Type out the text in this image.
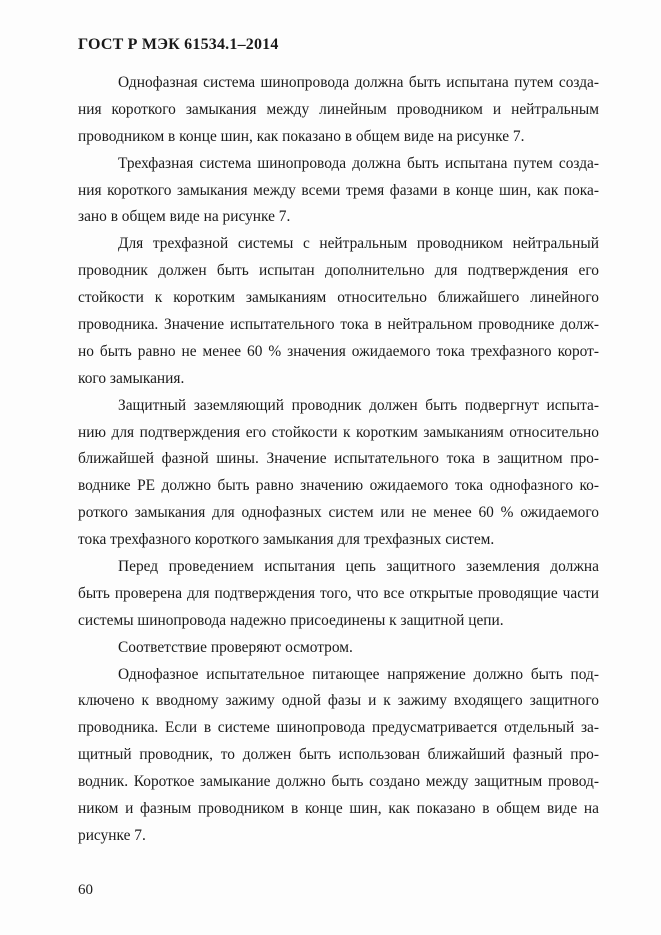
ГОСТ Р МЭК 61534.1–2014

Однофазная система шинопровода должна быть испытана путем созда-
ния короткого замыкания между линейным проводником и нейтральным
проводником в конце шин, как показано в общем виде на рисунке 7.

Трехфазная система шинопровода должна быть испытана путем созда-
ния короткого замыкания между всеми тремя фазами в конце шин, как пока-
зано в общем виде на рисунке 7.

Для трехфазной системы с нейтральным проводником нейтральный
проводник должен быть испытан дополнительно для подтверждения его
стойкости к коротким замыканиям относительно ближайшего линейного
проводника. Значение испытательного тока в нейтральном проводнике долж-
но быть равно не менее 60 % значения ожидаемого тока трехфазного корот-
кого замыкания.

Защитный заземляющий проводник должен быть подвергнут испыта-
нию для подтверждения его стойкости к коротким замыканиям относительно
ближайшей фазной шины. Значение испытательного тока в защитном про-
воднике PE должно быть равно значению ожидаемого тока однофазного ко-
роткого замыкания для однофазных систем или не менее 60 % ожидаемого
тока трехфазного короткого замыкания для трехфазных систем.

Перед проведением испытания цепь защитного заземления должна
быть проверена для подтверждения того, что все открытые проводящие части
системы шинопровода надежно присоединены к защитной цепи.

Соответствие проверяют осмотром.

Однофазное испытательное питающее напряжение должно быть под-
ключено к вводному зажиму одной фазы и к зажиму входящего защитного
проводника. Если в системе шинопровода предусматривается отдельный за-
щитный проводник, то должен быть использован ближайший фазный про-
водник. Короткое замыкание должно быть создано между защитным провод-
ником и фазным проводником в конце шин, как показано в общем виде на
рисунке 7.

60
